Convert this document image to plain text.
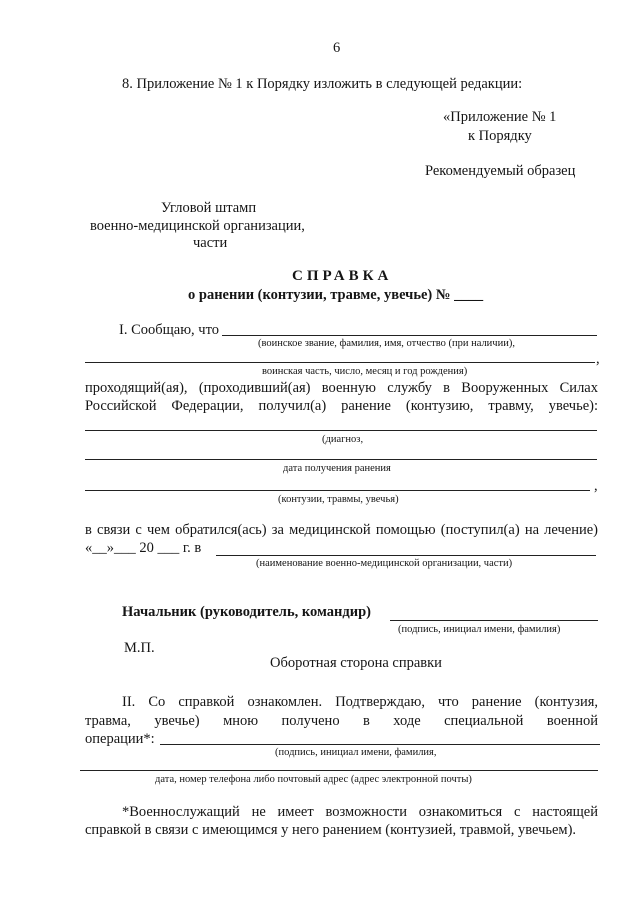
6
8. Приложение № 1 к Порядку изложить в следующей редакции:
«Приложение № 1
к Порядку
Рекомендуемый образец
Угловой штамп
военно-медицинской организации,
части
СПРАВКА
о ранении (контузии, травме, увечье) № ____
I. Сообщаю, что
(воинское звание, фамилия, имя, отчество (при наличии),
,
воинская часть, число, месяц и год рождения)
проходящий(ая), (проходивший(ая) военную службу в Вооруженных Силах
Российской Федерации, получил(а) ранение (контузию, травму, увечье):
(диагноз,
дата получения ранения
,
(контузии, травмы, увечья)
в связи с чем обратился(ась) за медицинской помощью (поступил(а) на лечение)
«__»___ 20 ___ г. в
(наименование военно-медицинской организации, части)
Начальник (руководитель, командир)
(подпись, инициал имени, фамилия)
М.П.
Оборотная сторона справки
II. Со справкой ознакомлен. Подтверждаю, что ранение (контузия,
травма, увечье) мною получено в ходе специальной военной
операции*:
(подпись, инициал имени, фамилия,
дата, номер телефона либо почтовый адрес (адрес электронной почты)
*Военнослужащий не имеет возможности ознакомиться с настоящей
справкой в связи с имеющимся у него ранением (контузией, травмой, увечьем).
